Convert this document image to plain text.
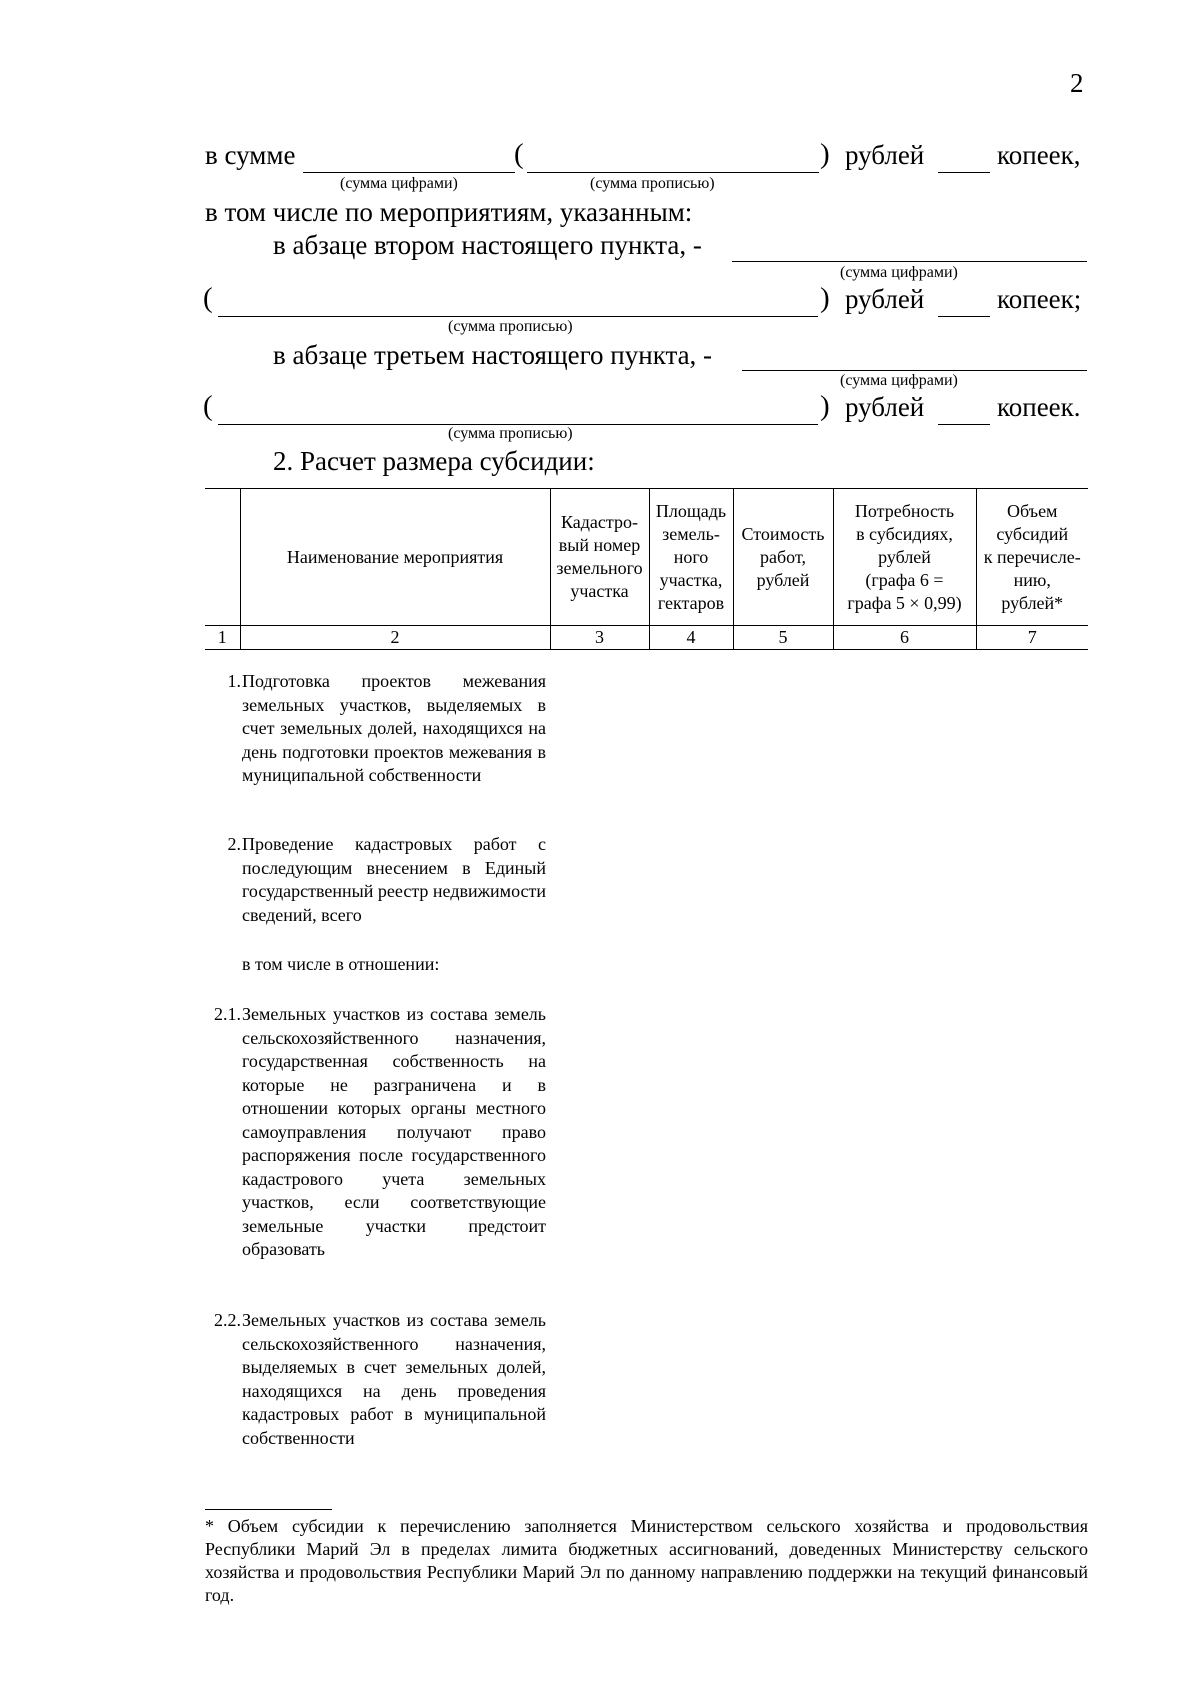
2
в сумме	(	) рублей	копеек,
(сумма цифрами)	(сумма прописью)
в том числе по мероприятиям, указанным:
в абзаце втором настоящего пункта, -
(сумма цифрами)
(	) рублей	копеек;
(сумма прописью)
в абзаце третьем настоящего пункта, -
(сумма цифрами)
(	) рублей	копеек.
(сумма прописью)
2. Расчет размера субсидии:
	Наименование мероприятия	Кадастро-
вый номер
земельного
участка	Площадь
земель-
ного
участка,
гектаров	Стоимость
работ,
рублей	Потребность
в субсидиях,
рублей
(графа 6 =
графа 5 × 0,99)	Объем
субсидий
к перечисле-
нию,
рублей*
1	2	3	4	5	6	7
1. Подготовка проектов межевания земельных участков, выделяемых в счет земельных долей, находящихся на день подготовки проектов межевания в муниципальной собственности
2. Проведение кадастровых работ с последующим внесением в Единый государственный реестр недвижимости сведений, всего
в том числе в отношении:
2.1. Земельных участков из состава земель сельскохозяйственного назначения, государственная собственность на которые не разграничена и в отношении которых органы местного самоуправления получают право распоряжения после государственного кадастрового учета земельных участков, если соответствующие земельные участки предстоит образовать
2.2. Земельных участков из состава земель сельскохозяйственного назначения, выделяемых в счет земельных долей, находящихся на день проведения кадастровых работ в муниципальной собственности
* Объем субсидии к перечислению заполняется Министерством сельского хозяйства и продовольствия Республики Марий Эл в пределах лимита бюджетных ассигнований, доведенных Министерству сельского хозяйства и продовольствия Республики Марий Эл по данному направлению поддержки на текущий финансовый год.
